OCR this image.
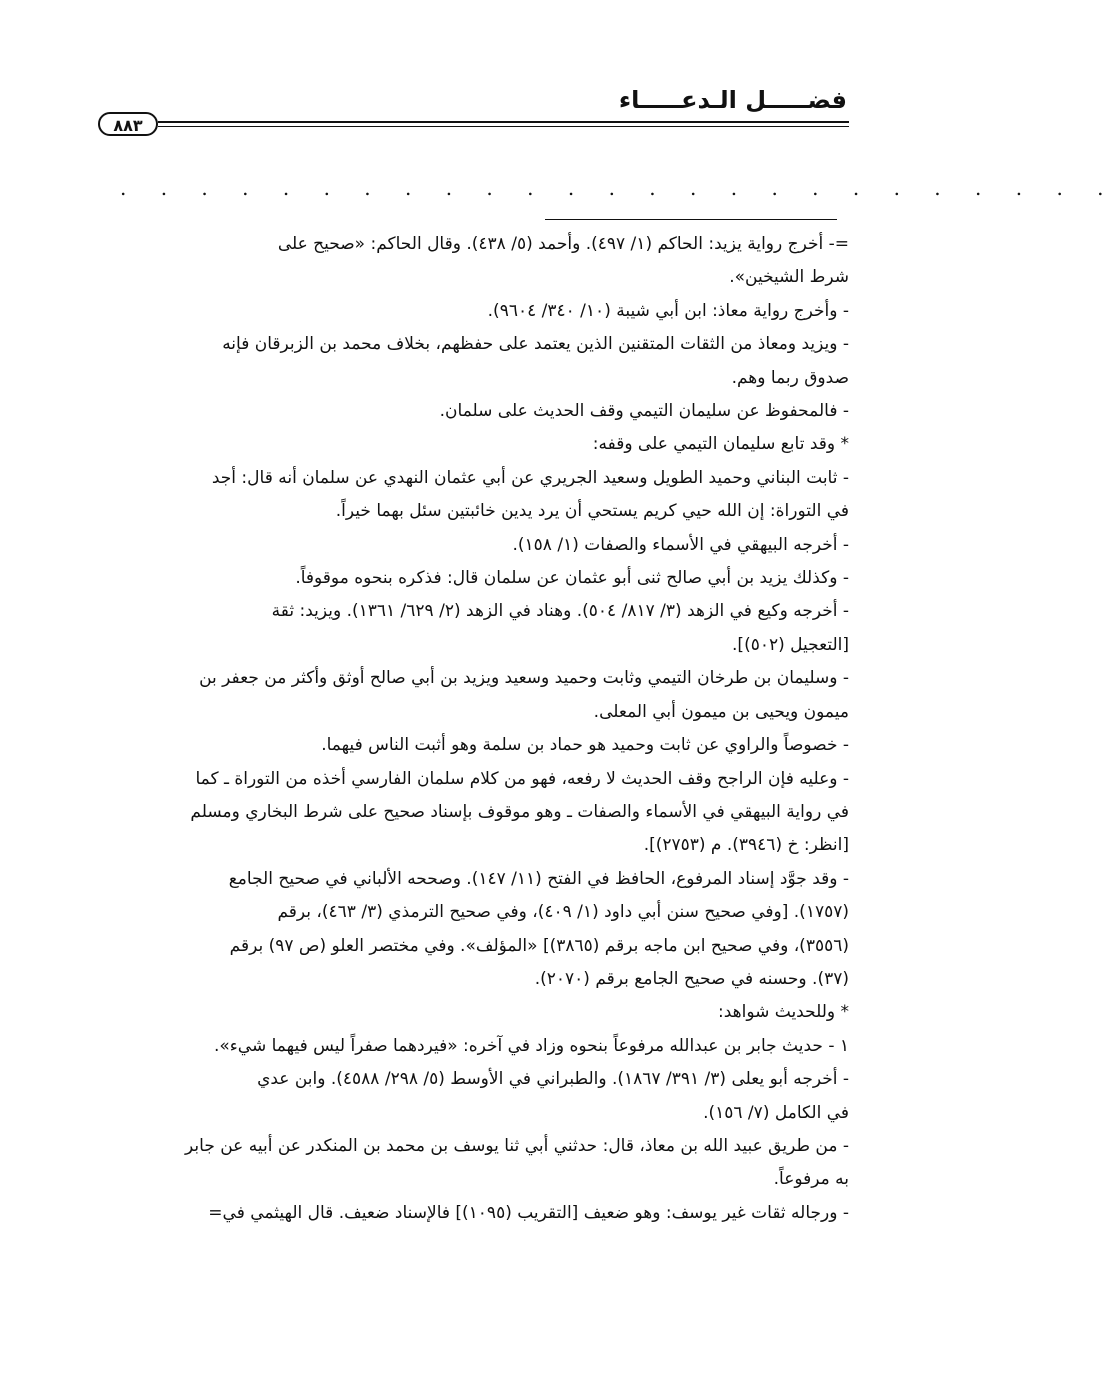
فضـــــل الـدعـــــاء
٨٨٣
. . . . . . . . . . . . . . . . . . . . . . . . .

=- أخرج رواية يزيد: الحاكم (١/ ٤٩٧). وأحمد (٥/ ٤٣٨). وقال الحاكم: «صحيح على

شرط الشيخين».

- وأخرج رواية معاذ: ابن أبي شيبة (١٠/ ٣٤٠/ ٩٦٠٤).

- ويزيد ومعاذ من الثقات المتقنين الذين يعتمد على حفظهم، بخلاف محمد بن الزبرقان فإنه

صدوق ربما وهم.

- فالمحفوظ عن سليمان التيمي وقف الحديث على سلمان.

* وقد تابع سليمان التيمي على وقفه:

- ثابت البناني وحميد الطويل وسعيد الجريري عن أبي عثمان النهدي عن سلمان أنه قال: أجد

في التوراة: إن الله حيي كريم يستحي أن يرد يدين خائبتين سئل بهما خيراً.

- أخرجه البيهقي في الأسماء والصفات (١/ ١٥٨).

- وكذلك يزيد بن أبي صالح ثنى أبو عثمان عن سلمان قال: فذكره بنحوه موقوفاً.

- أخرجه وكيع في الزهد (٣/ ٨١٧/ ٥٠٤). وهناد في الزهد (٢/ ٦٢٩/ ١٣٦١). ويزيد: ثقة

[التعجيل (٥٠٢)].

- وسليمان بن طرخان التيمي وثابت وحميد وسعيد ويزيد بن أبي صالح أوثق وأكثر من جعفر بن

ميمون ويحيى بن ميمون أبي المعلى.

- خصوصاً والراوي عن ثابت وحميد هو حماد بن سلمة وهو أثبت الناس فيهما.

- وعليه فإن الراجح وقف الحديث لا رفعه، فهو من كلام سلمان الفارسي أخذه من التوراة ـ كما

في رواية البيهقي في الأسماء والصفات ـ وهو موقوف بإسناد صحيح على شرط البخاري ومسلم

[انظر: خ (٣٩٤٦). م (٢٧٥٣)].

- وقد جوَّد إسناد المرفوع، الحافظ في الفتح (١١/ ١٤٧). وصححه الألباني في صحيح الجامع

(١٧٥٧). [وفي صحيح سنن أبي داود (١/ ٤٠٩)، وفي صحيح الترمذي (٣/ ٤٦٣)، برقم

(٣٥٥٦)، وفي صحيح ابن ماجه برقم (٣٨٦٥)] «المؤلف». وفي مختصر العلو (ص ٩٧) برقم

(٣٧). وحسنه في صحيح الجامع برقم (٢٠٧٠).

* وللحديث شواهد:

١ - حديث جابر بن عبدالله مرفوعاً بنحوه وزاد في آخره: «فيردهما صفراً ليس فيهما شيء».

- أخرجه أبو يعلى (٣/ ٣٩١/ ١٨٦٧). والطبراني في الأوسط (٥/ ٢٩٨/ ٤٥٨٨). وابن عدي

في الكامل (٧/ ١٥٦).

- من طريق عبيد الله بن معاذ، قال: حدثني أبي ثنا يوسف بن محمد بن المنكدر عن أبيه عن جابر

به مرفوعاً.

- ورجاله ثقات غير يوسف: وهو ضعيف [التقريب (١٠٩٥)] فالإسناد ضعيف. قال الهيثمي في=
